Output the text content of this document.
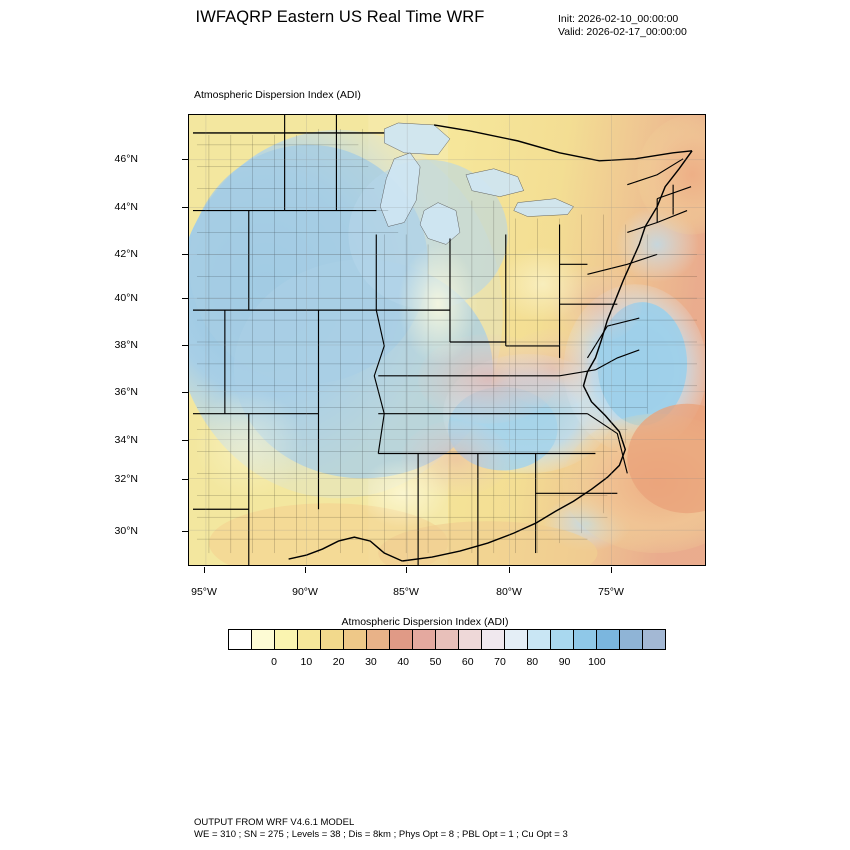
IWFAQRP Eastern US Real Time WRF	Init: 2026-02-10_00:00:00
Valid: 2026-02-17_00:00:00
Atmospheric Dispersion Index (ADI)
46°N
44°N
42°N
40°N
38°N
36°N
34°N
32°N
30°N
95°W	90°W	85°W	80°W	75°W
Atmospheric Dispersion Index (ADI)
0 10 20 30 40 50 60 70 80 90 100
OUTPUT FROM WRF V4.6.1 MODEL
WE = 310 ; SN = 275 ; Levels = 38 ; Dis = 8km ; Phys Opt = 8 ; PBL Opt = 1 ; Cu Opt = 3
